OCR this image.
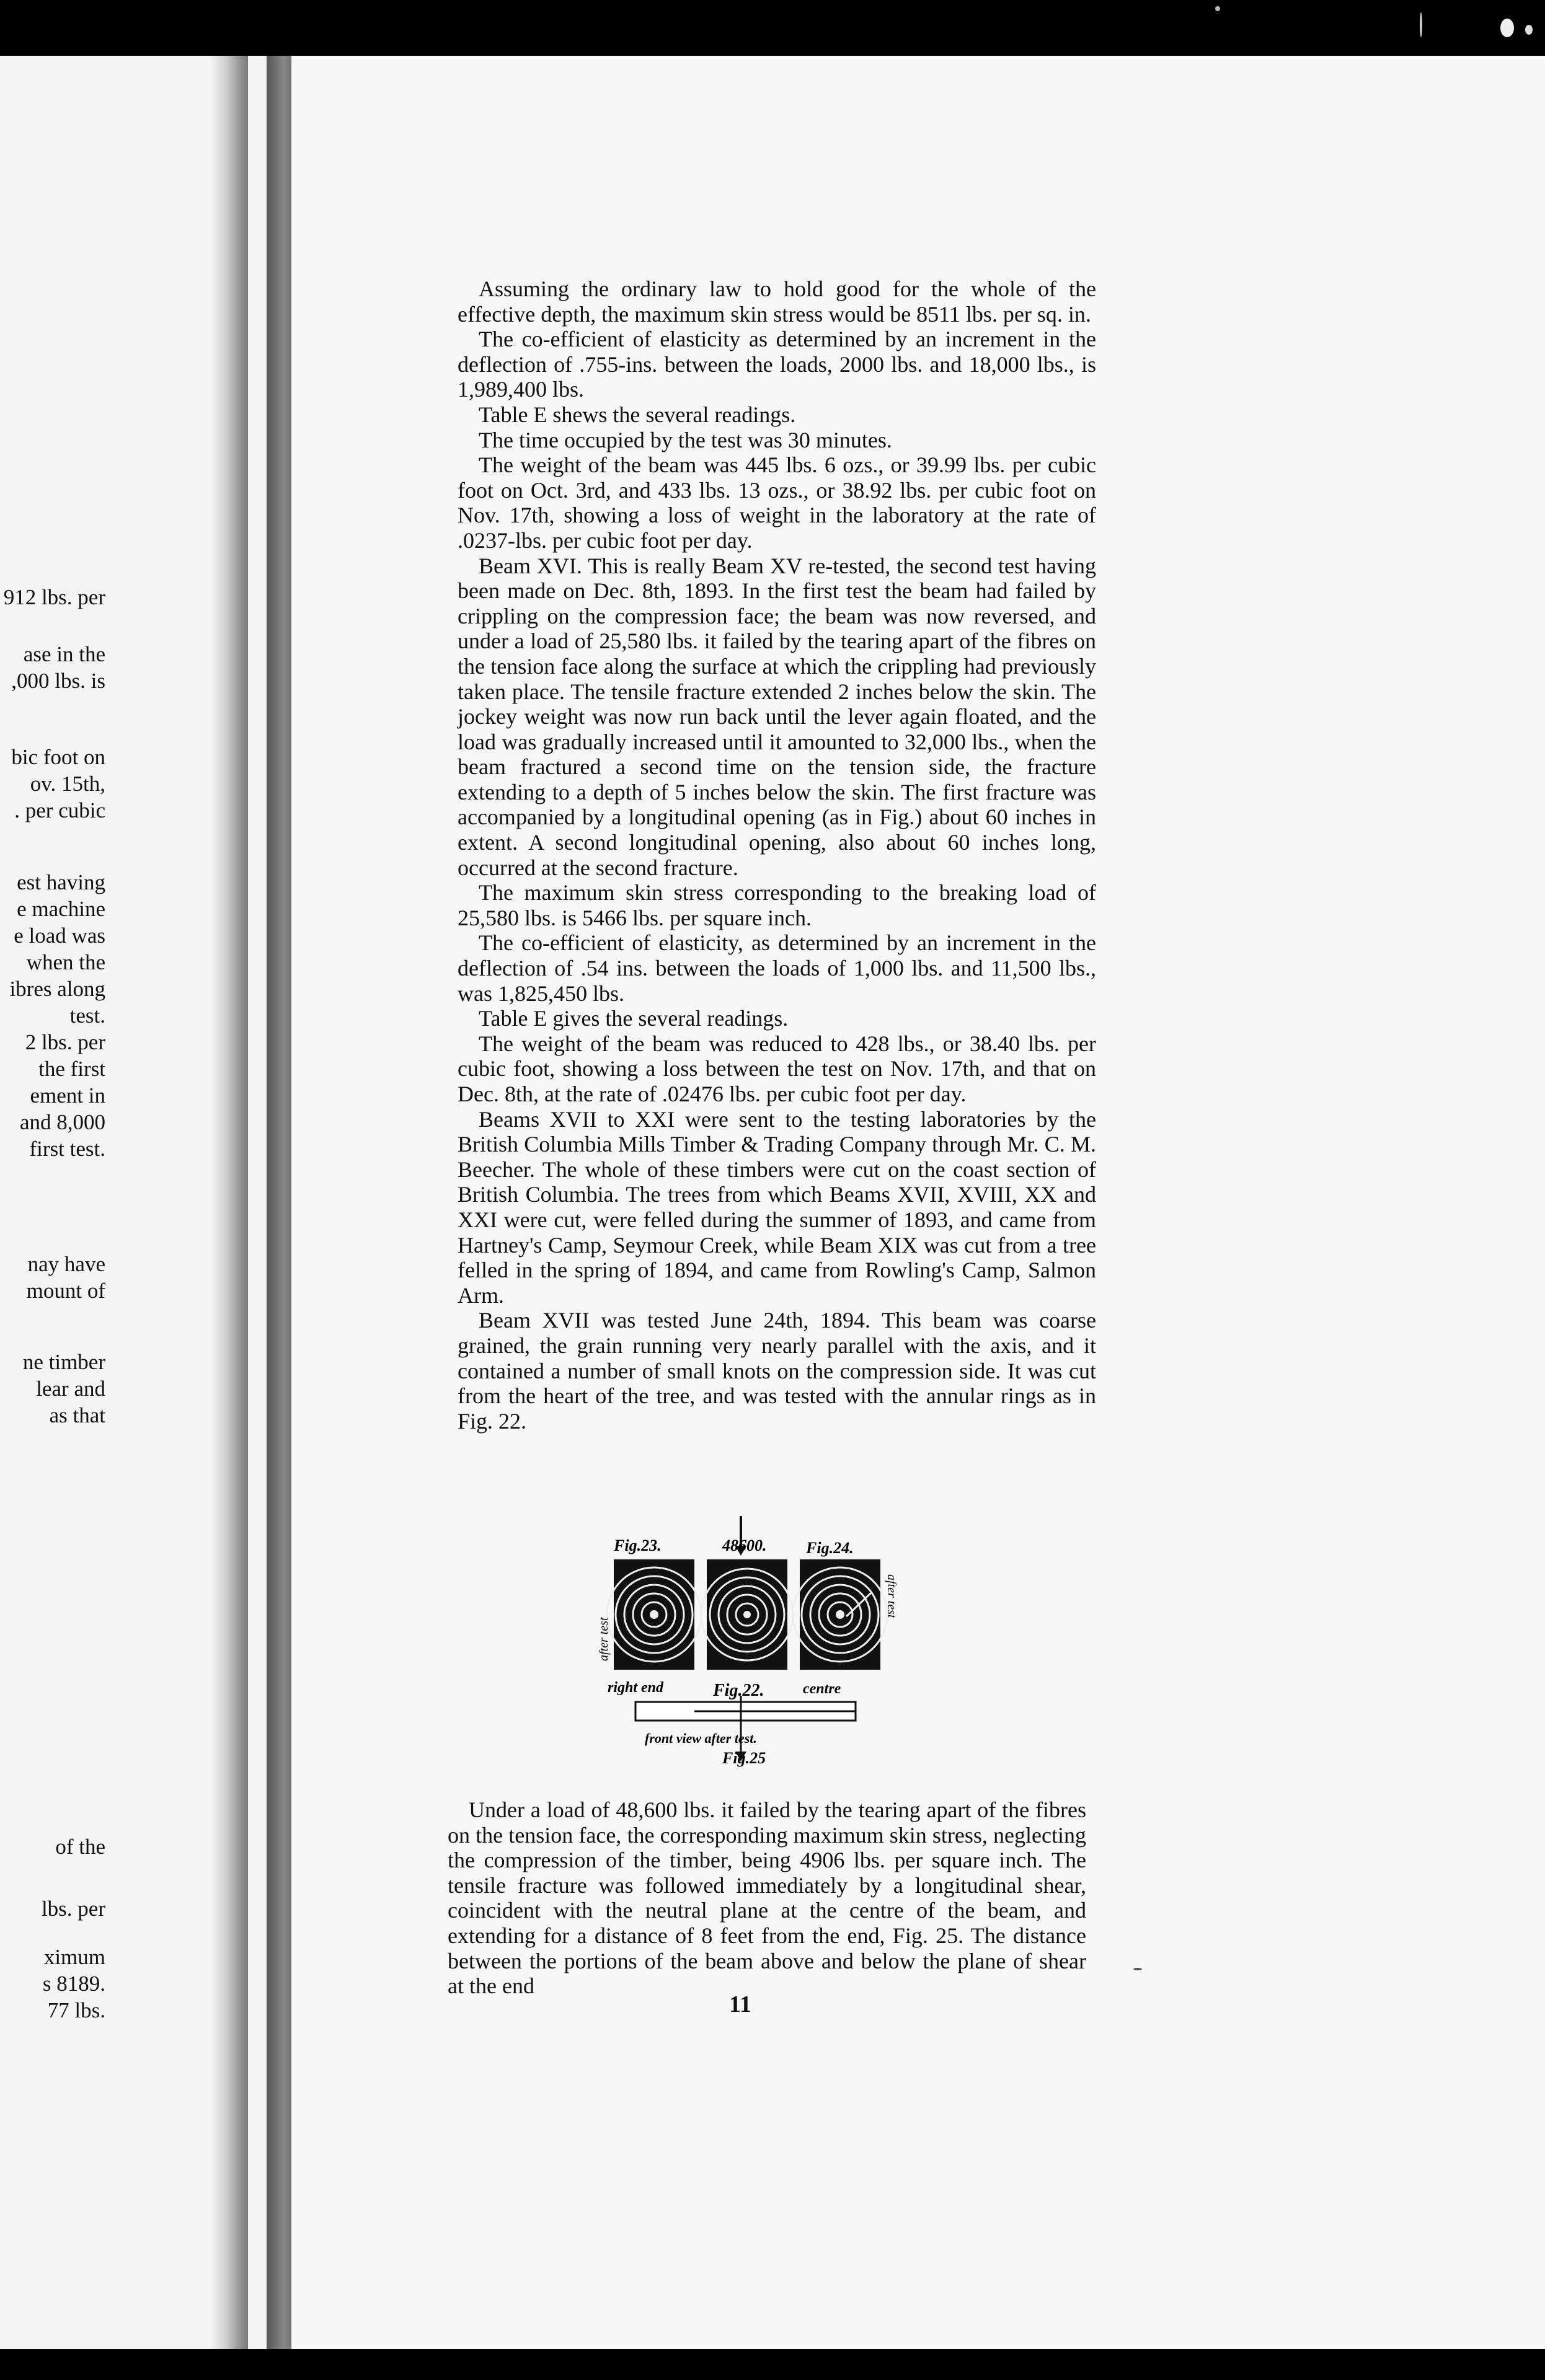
912 lbs. per
ase in the
,000 lbs. is
bic foot on
ov. 15th,
. per cubic
est having
e machine
e load was
when the
ibres along
test.
2 lbs. per
the first
ement in
and 8,000
first test.
nay have
mount of
ne timber
lear and
as that
of the
lbs. per
ximum
s 8189.
77 lbs.

Assuming the ordinary law to hold good for the whole of the effective depth, the maximum skin stress would be 8511 lbs. per sq. in.

The co-efficient of elasticity as determined by an increment in the deflection of .755-ins. between the loads, 2000 lbs. and 18,000 lbs., is 1,989,400 lbs.

Table E shews the several readings.

The time occupied by the test was 30 minutes.

The weight of the beam was 445 lbs. 6 ozs., or 39.99 lbs. per cubic foot on Oct. 3rd, and 433 lbs. 13 ozs., or 38.92 lbs. per cubic foot on Nov. 17th, showing a loss of weight in the laboratory at the rate of .0237-lbs. per cubic foot per day.

Beam XVI. This is really Beam XV re-tested, the second test having been made on Dec. 8th, 1893. In the first test the beam had failed by crippling on the compression face; the beam was now reversed, and under a load of 25,580 lbs. it failed by the tearing apart of the fibres on the tension face along the surface at which the crippling had previously taken place. The tensile fracture extended 2 inches below the skin. The jockey weight was now run back until the lever again floated, and the load was gradually increased until it amounted to 32,000 lbs., when the beam fractured a second time on the tension side, the fracture extending to a depth of 5 inches below the skin. The first fracture was accompanied by a longitudinal opening (as in Fig.) about 60 inches in extent. A second longitudinal opening, also about 60 inches long, occurred at the second fracture.

The maximum skin stress corresponding to the breaking load of 25,580 lbs. is 5466 lbs. per square inch.

The co-efficient of elasticity, as determined by an increment in the deflection of .54 ins. between the loads of 1,000 lbs. and 11,500 lbs., was 1,825,450 lbs.

Table E gives the several readings.

The weight of the beam was reduced to 428 lbs., or 38.40 lbs. per cubic foot, showing a loss between the test on Nov. 17th, and that on Dec. 8th, at the rate of .02476 lbs. per cubic foot per day.

Beams XVII to XXI were sent to the testing laboratories by the British Columbia Mills Timber & Trading Company through Mr. C. M. Beecher. The whole of these timbers were cut on the coast section of British Columbia. The trees from which Beams XVII, XVIII, XX and XXI were cut, were felled during the summer of 1893, and came from Hartney's Camp, Seymour Creek, while Beam XIX was cut from a tree felled in the spring of 1894, and came from Rowling's Camp, Salmon Arm.

Beam XVII was tested June 24th, 1894. This beam was coarse grained, the grain running very nearly parallel with the axis, and it contained a number of small knots on the compression side. It was cut from the heart of the tree, and was tested with the annular rings as in Fig. 22.

Fig.23.	48600. Fig.24.
after test
after test
right end	Fig.22.	centre
front view after test.
Fig.25

Under a load of 48,600 lbs. it failed by the tearing apart of the fibres on the tension face, the corresponding maximum skin stress, neglecting the compression of the timber, being 4906 lbs. per square inch. The tensile fracture was followed immediately by a longitudinal shear, coincident with the neutral plane at the centre of the beam, and extending for a distance of 8 feet from the end, Fig. 25. The distance between the portions of the beam above and below the plane of shear at the end

11
